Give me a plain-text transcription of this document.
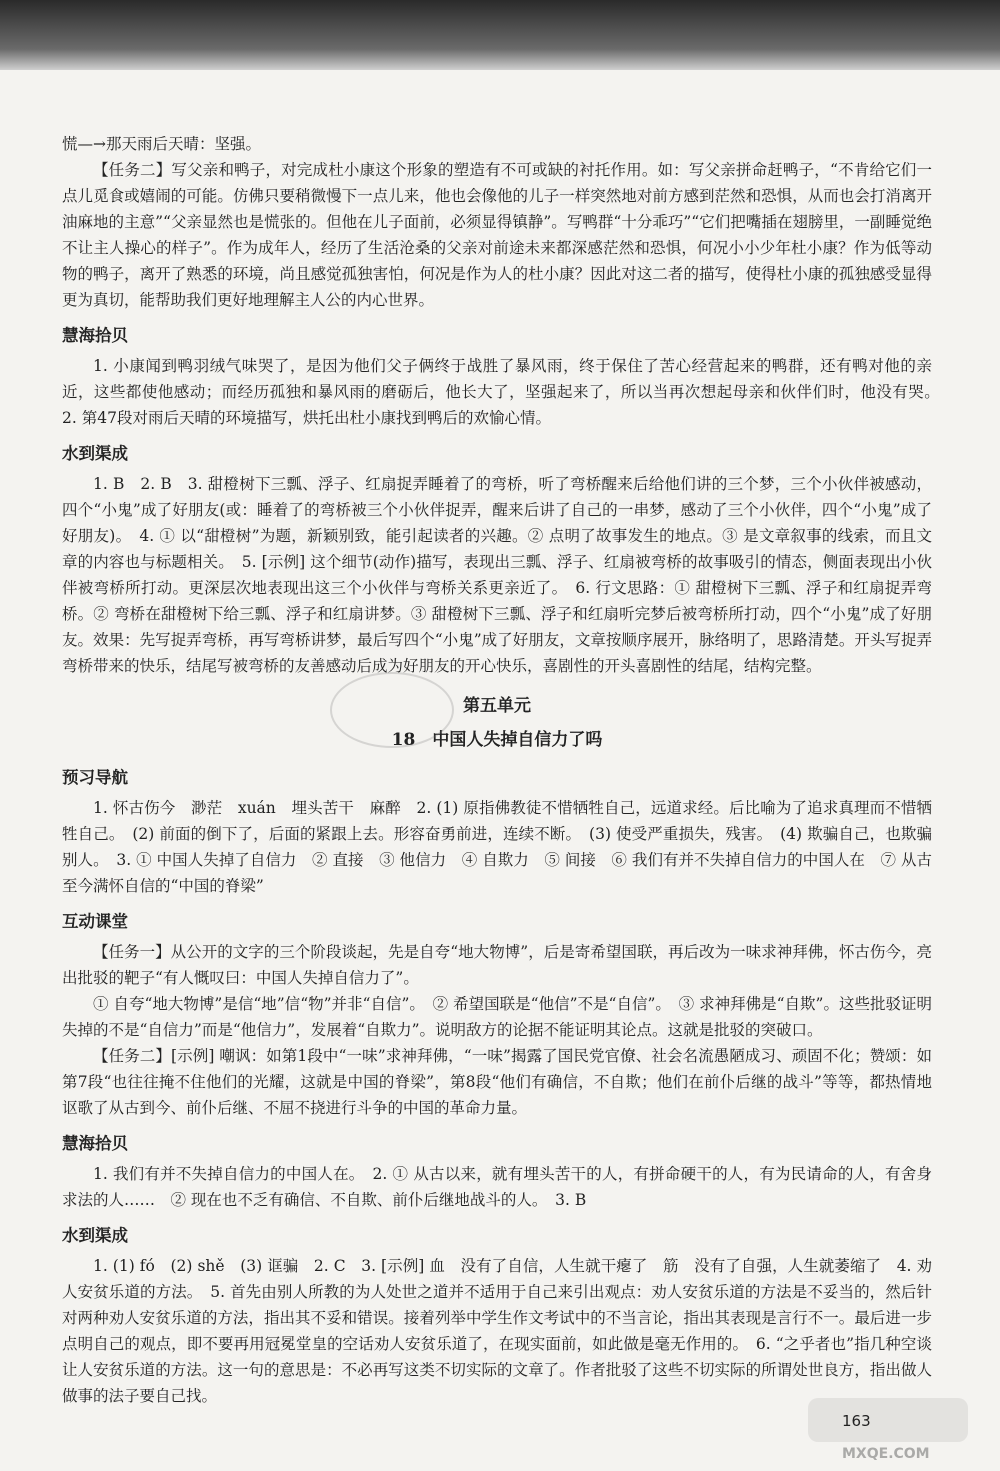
慌—→那天雨后天晴：坚强。

【任务二】写父亲和鸭子，对完成杜小康这个形象的塑造有不可或缺的衬托作用。如：写父亲拼命赶鸭子，“不肯给它们一点儿觅食或嬉闹的可能。仿佛只要稍微慢下一点儿来，他也会像他的儿子一样突然地对前方感到茫然和恐惧，从而也会打消离开油麻地的主意”“父亲显然也是慌张的。但他在儿子面前，必须显得镇静”。写鸭群“十分乖巧”“它们把嘴插在翅膀里，一副睡觉绝不让主人操心的样子”。作为成年人，经历了生活沧桑的父亲对前途未来都深感茫然和恐惧，何况小小少年杜小康？作为低等动物的鸭子，离开了熟悉的环境，尚且感觉孤独害怕，何况是作为人的杜小康？因此对这二者的描写，使得杜小康的孤独感受显得更为真切，能帮助我们更好地理解主人公的内心世界。

慧海拾贝

1. 小康闻到鸭羽绒气味哭了，是因为他们父子俩终于战胜了暴风雨，终于保住了苦心经营起来的鸭群，还有鸭对他的亲近，这些都使他感动；而经历孤独和暴风雨的磨砺后，他长大了，坚强起来了，所以当再次想起母亲和伙伴们时，他没有哭。　2. 第47段对雨后天晴的环境描写，烘托出杜小康找到鸭后的欢愉心情。

水到渠成

1. B　2. B　3. 甜橙树下三瓢、浮子、红扇捉弄睡着了的弯桥，听了弯桥醒来后给他们讲的三个梦，三个小伙伴被感动，四个“小鬼”成了好朋友(或：睡着了的弯桥被三个小伙伴捉弄，醒来后讲了自己的一串梦，感动了三个小伙伴，四个“小鬼”成了好朋友)。　4. ① 以“甜橙树”为题，新颖别致，能引起读者的兴趣。② 点明了故事发生的地点。③ 是文章叙事的线索，而且文章的内容也与标题相关。　5. [示例] 这个细节(动作)描写，表现出三瓢、浮子、红扇被弯桥的故事吸引的情态，侧面表现出小伙伴被弯桥所打动。更深层次地表现出这三个小伙伴与弯桥关系更亲近了。　6. 行文思路：① 甜橙树下三瓢、浮子和红扇捉弄弯桥。② 弯桥在甜橙树下给三瓢、浮子和红扇讲梦。③ 甜橙树下三瓢、浮子和红扇听完梦后被弯桥所打动，四个“小鬼”成了好朋友。效果：先写捉弄弯桥，再写弯桥讲梦，最后写四个“小鬼”成了好朋友，文章按顺序展开，脉络明了，思路清楚。开头写捉弄弯桥带来的快乐，结尾写被弯桥的友善感动后成为好朋友的开心快乐，喜剧性的开头喜剧性的结尾，结构完整。

第五单元
18　中国人失掉自信力了吗
预习导航

1. 怀古伤今　渺茫　xuán　埋头苦干　麻醉　2. (1) 原指佛教徒不惜牺牲自己，远道求经。后比喻为了追求真理而不惜牺牲自己。　(2) 前面的倒下了，后面的紧跟上去。形容奋勇前进，连续不断。　(3) 使受严重损失，残害。　(4) 欺骗自己，也欺骗别人。　3. ① 中国人失掉了自信力　② 直接　③ 他信力　④ 自欺力　⑤ 间接　⑥ 我们有并不失掉自信力的中国人在　⑦ 从古至今满怀自信的“中国的脊梁”

互动课堂

【任务一】从公开的文字的三个阶段谈起，先是自夸“地大物博”，后是寄希望国联，再后改为一味求神拜佛，怀古伤今，亮出批驳的靶子“有人慨叹曰：中国人失掉自信力了”。

① 自夸“地大物博”是信“地”信“物”并非“自信”。　② 希望国联是“他信”不是“自信”。　③ 求神拜佛是“自欺”。这些批驳证明失掉的不是“自信力”而是“他信力”，发展着“自欺力”。说明敌方的论据不能证明其论点。这就是批驳的突破口。

【任务二】[示例] 嘲讽：如第1段中“一味”求神拜佛，“一味”揭露了国民党官僚、社会名流愚陋成习、顽固不化；赞颂：如第7段“也往往掩不住他们的光耀，这就是中国的脊梁”，第8段“他们有确信，不自欺；他们在前仆后继的战斗”等等，都热情地讴歌了从古到今、前仆后继、不屈不挠进行斗争的中国的革命力量。

慧海拾贝

1. 我们有并不失掉自信力的中国人在。　2. ① 从古以来，就有埋头苦干的人，有拼命硬干的人，有为民请命的人，有舍身求法的人……　② 现在也不乏有确信、不自欺、前仆后继地战斗的人。　3. B

水到渠成

1. (1) fó　(2) shě　(3) 诓骗　2. C　3. [示例] 血　没有了自信，人生就干瘪了　筋　没有了自强，人生就萎缩了　4. 劝人安贫乐道的方法。　5. 首先由别人所教的为人处世之道并不适用于自己来引出观点：劝人安贫乐道的方法是不妥当的，然后针对两种劝人安贫乐道的方法，指出其不妥和错误。接着列举中学生作文考试中的不当言论，指出其表现是言行不一。最后进一步点明自己的观点，即不要再用冠冕堂皇的空话劝人安贫乐道了，在现实面前，如此做是毫无作用的。　6. “之乎者也”指几种空谈让人安贫乐道的方法。这一句的意思是：不必再写这类不切实际的文章了。作者批驳了这些不切实际的所谓处世良方，指出做人做事的法子要自己找。

163
MXQE.COM
